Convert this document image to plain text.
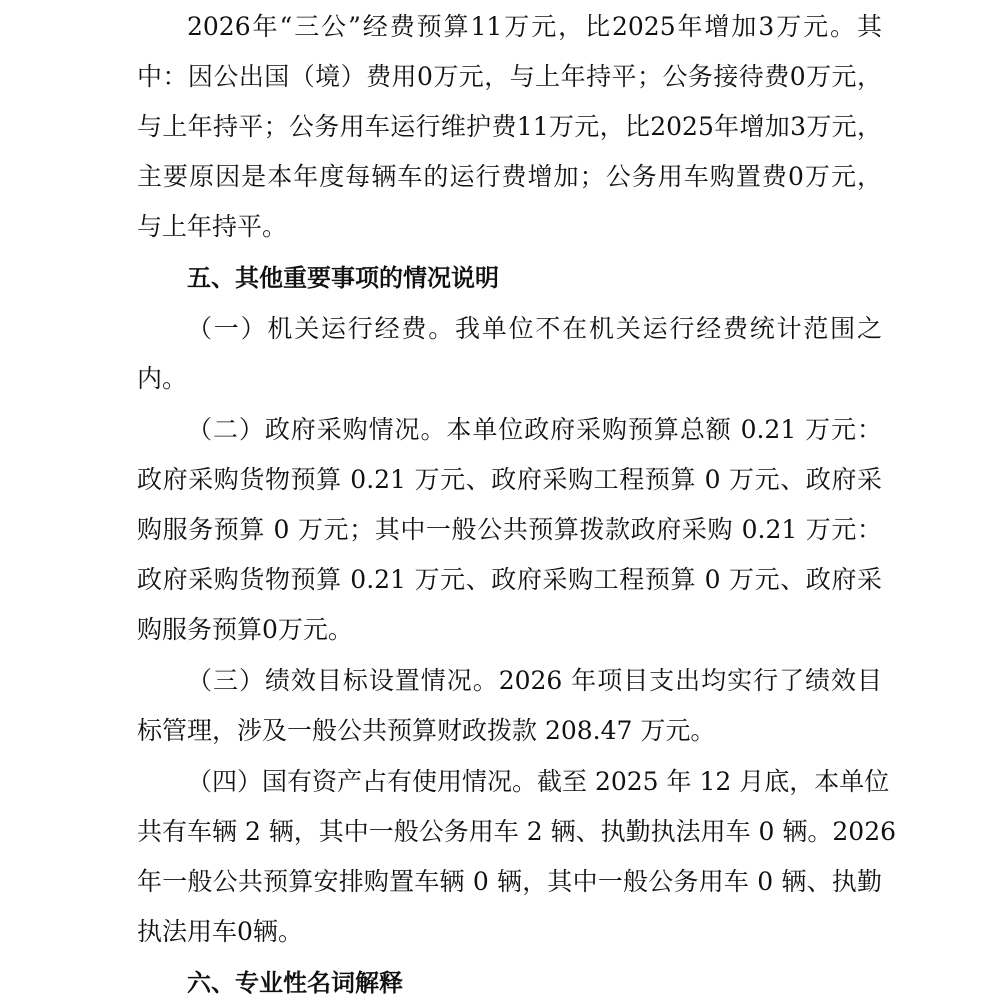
2026年“三公”经费预算11万元，比2025年增加3万元。其
中：因公出国（境）费用0万元，与上年持平；公务接待费0万元，
与上年持平；公务用车运行维护费11万元，比2025年增加3万元，
主要原因是本年度每辆车的运行费增加；公务用车购置费0万元，
与上年持平。
五、其他重要事项的情况说明
（一）机关运行经费。我单位不在机关运行经费统计范围之
内。
（二）政府采购情况。本单位政府采购预算总额 0.21 万元：
政府采购货物预算 0.21 万元、政府采购工程预算 0 万元、政府采
购服务预算 0 万元；其中一般公共预算拨款政府采购 0.21 万元：
政府采购货物预算 0.21 万元、政府采购工程预算 0 万元、政府采
购服务预算0万元。
（三）绩效目标设置情况。2026 年项目支出均实行了绩效目
标管理，涉及一般公共预算财政拨款 208.47 万元。
（四）国有资产占有使用情况。截至 2025 年 12 月底，本单位
共有车辆 2 辆，其中一般公务用车 2 辆、执勤执法用车 0 辆。2026
年一般公共预算安排购置车辆 0 辆，其中一般公务用车 0 辆、执勤
执法用车0辆。
六、专业性名词解释
